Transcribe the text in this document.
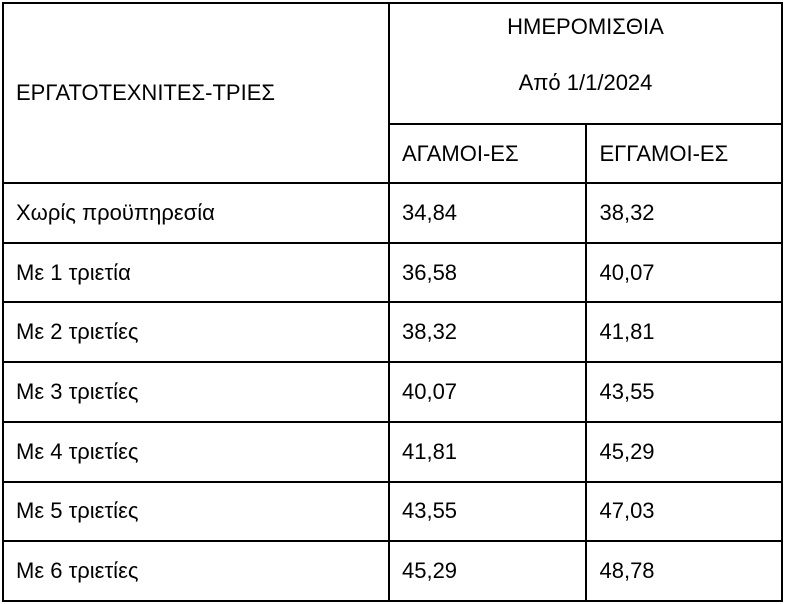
ΕΡΓΑΤΟΤΕΧΝΙΤΕΣ-ΤΡΙΕΣ	ΗΜΕΡΟΜΙΣΘΙΑ
Από 1/1/2024	

	ΑΓΑΜΟΙ-ΕΣ	ΕΓΓΑΜΟΙ-ΕΣ
Χωρίς προϋπηρεσία	34,84	38,32
Με 1 τριετία	36,58	40,07
Με 2 τριετίες	38,32	41,81
Με 3 τριετίες	40,07	43,55
Με 4 τριετίες	41,81	45,29
Με 5 τριετίες	43,55	47,03
Με 6 τριετίες	45,29	48,78
